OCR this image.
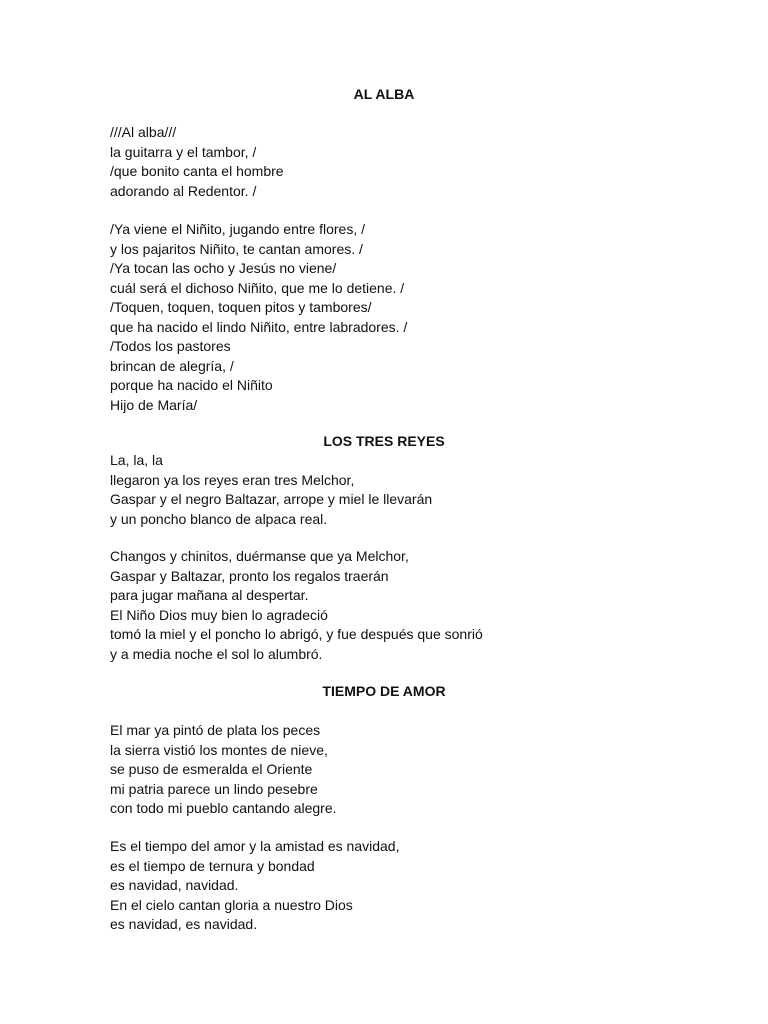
AL ALBA
///Al alba///
la guitarra y el tambor, /
/que bonito canta el hombre
adorando al Redentor. /
/Ya viene el Niñito, jugando entre flores, /
y los pajaritos Niñito, te cantan amores. /
/Ya tocan las ocho y Jesús no viene/
cuál será el dichoso Niñito, que me lo detiene. /
/Toquen, toquen, toquen pitos y tambores/
que ha nacido el lindo Niñito, entre labradores. /
/Todos los pastores
brincan de alegría, /
porque ha nacido el Niñito
Hijo de María/
LOS TRES REYES
La, la, la
llegaron ya los reyes eran tres Melchor,
Gaspar y el negro Baltazar, arrope y miel le llevarán
y un poncho blanco de alpaca real.
Changos y chinitos, duérmanse que ya Melchor,
Gaspar y Baltazar, pronto los regalos traerán
para jugar mañana al despertar.
El Niño Dios muy bien lo agradeció
tomó la miel y el poncho lo abrigó, y fue después que sonrió
y a media noche el sol lo alumbró.
TIEMPO DE AMOR
El mar ya pintó de plata los peces
la sierra vistió los montes de nieve,
se puso de esmeralda el Oriente
mi patria parece un lindo pesebre
con todo mi pueblo cantando alegre.
Es el tiempo del amor y la amistad es navidad,
es el tiempo de ternura y bondad
es navidad, navidad.
En el cielo cantan gloria a nuestro Dios
es navidad, es navidad.
